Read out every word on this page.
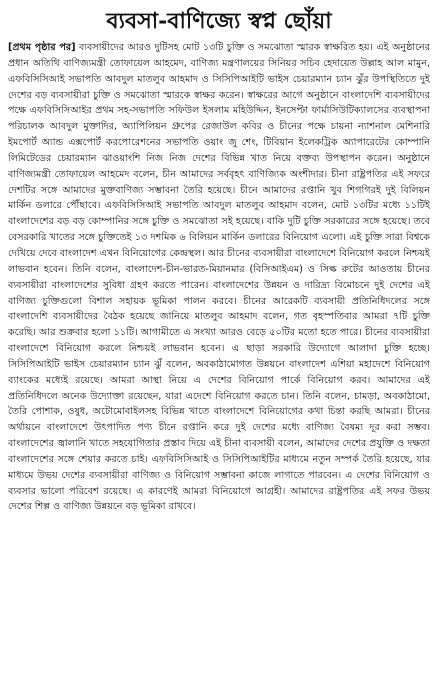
ব্যবসা-বাণিজ্যে স্বপ্ন ছোঁয়া

[প্রথম পৃষ্ঠার পর] ব্যবসায়ীদের আরও দুটিসহ মোট ১৩টি চুক্তি ও সমঝোতা স্মারক স্বাক্ষরিত হয়। এই অনুষ্ঠানের প্রধান অতিথি বাণিজ্যমন্ত্রী তোফায়েল আহমেদ, বাণিজ্য মন্ত্রণালয়ের সিনিয়র সচিব হেদায়েত উল্লাহ আল মামুন, এফবিসিসিআই সভাপতি আবদুল মাতলুব আহমাদ ও সিসিপিআইটি ভাইস চেয়ারম্যান চ্যান ঝুঁর উপস্থিতিতে দুই দেশের বড় ব্যবসায়ীরা চুক্তি ও সমঝোতা স্মারকে স্বাক্ষর করেন। স্বাক্ষরের আগে অনুষ্ঠানে বাংলাদেশি ব্যবসায়ীদের পক্ষে এফবিসিসিআইর প্রথম সহ-সভাপতি সফিউল ইসলাম মহিউদ্দিন, ইনসেপ্টা ফার্মাসিউটিক্যালসের ব্যবস্থাপনা পরিচালক আবদুল মুক্তাদির, অ্যাপিলিয়ন গ্রুপের রেজাউল কবির ও চীনের পক্ষে চায়না ন্যাশনাল মেশিনারি ইমপোর্ট অ্যান্ড এক্সপোর্ট করপোরেশনের সভাপতি ওয়াং জু শেং, টিবিয়ান ইলেকট্রিক অ্যাপারেটের কোম্পানি লিমিটেডের চেয়ারম্যান ঝাওয়াংশি নিজ নিজ দেশের বিভিন্ন খাত নিয়ে বক্তব্য উপস্থাপন করেন। অনুষ্ঠানে বাণিজ্যমন্ত্রী তোফায়েল আহমেদ বলেন, চীন আমাদের সর্ববৃহৎ বাণিজ্যিক অংশীদার। চীনা রাষ্ট্রপতির এই সফরে দেশটির সঙ্গে আমাদের মুক্তবাণিজ্য সম্ভাবনা তৈরি হয়েছে। চীনে আমাদের রপ্তানি খুব শিগগিরই দুই বিলিয়ন মার্কিন ডলারে পৌঁছাবে। এফবিসিসিআই সভাপতি আবদুল মাতলুব আহমাদ বলেন, মোট ১৩টির মধ্যে ১১টিই বাংলাদেশের বড় বড় কোম্পানির সঙ্গে চুক্তি ও সমঝোতা সই হয়েছে। বাকি দুটি চুক্তি সরকারের সঙ্গে হয়েছে। তবে বেসরকারি খাতের সঙ্গে চুক্তিতেই ১৩ দশমিক ৬ বিলিয়ন মার্কিন ডলারের বিনিয়োগ এলো। এই চুক্তি সারা বিশ্বকে দেখিয়ে দেবে বাংলাদেশ এখন বিনিয়োগের কেন্দ্রস্থল। আর চীনের ব্যবসায়ীরা বাংলাদেশে বিনিয়োগ করলে নিশ্চয়ই লাভবান হবেন। তিনি বলেন, বাংলাদেশ-চীন-ভারত-মিয়ানমার (বিসিআইএম) ও সিল্ক রুটের আওতায় চীনের ব্যবসায়ীরা বাংলাদেশের সুবিধা গ্রহণ করতে পারেন। বাংলাদেশের উন্নয়ন ও দারিদ্র্য বিমোচনে দুই দেশের এই বাণিজ্য চুক্তিগুলো বিশাল সহায়ক ভূমিকা পালন করবে। চীনের আরেকটি ব্যবসায়ী প্রতিনিধিদলের সঙ্গে বাংলাদেশি ব্যবসায়ীদের বৈঠক হয়েছে জানিয়ে মাতলুব আহমাদ বলেন, গত বৃহস্পতিবার আমরা ৭টি চুক্তি করেছি। আর শুক্রবার হলো ১১টি। আগামীতে এ সংখ্যা আরও বেড়ে ৫০টির মতো হতে পারে। চীনের ব্যবসায়ীরা বাংলাদেশে বিনিয়োগ করলে নিশ্চয়ই লাভবান হবেন। এ ছাড়া সরকারি উদ্যোগে আলাদা চুক্তি হচ্ছে। সিসিপিআইটি ভাইস চেয়ারম্যান চ্যান ঝুঁ বলেন, অবকাঠামোগত উন্নয়নে বাংলাদেশ এশিয়া মহাদেশে বিনিয়োগ ব্যাংকের মধ্যেই রয়েছে। আমরা আস্থা নিয়ে এ দেশের বিনিয়োগ পার্কে বিনিয়োগ করব। আমাদের এই প্রতিনিধিদলে অনেক উদ্যোক্তা রয়েছেন, যারা এদেশে বিনিয়োগ করতে চান। তিনি বলেন, চামড়া, অবকাঠামো, তৈরি পোশাক, ওষুধ, অটোমোবাইলসহ বিভিন্ন খাতে বাংলাদেশে বিনিয়োগের কথা চিন্তা করছি আমরা। চীনের অর্থায়নে বাংলাদেশে উৎপাদিত পণ্য চীনে রপ্তানি করে দুই দেশের মধ্যে বাণিজ্য বৈষম্য দূর করা সম্ভব। বাংলাদেশের জ্বালানি খাতে সহযোগিতার প্রস্তাব দিয়ে এই চীনা ব্যবসায়ী বলেন, আমাদের দেশের প্রযুক্তি ও দক্ষতা বাংলাদেশের সঙ্গে শেয়ার করতে চাই। এফবিসিসিআই ও সিসিপিআইটির মাধ্যমে নতুন সম্পর্ক তৈরি হয়েছে, যার মাধ্যমে উভয় দেশের ব্যবসায়ীরা বাণিজ্য ও বিনিয়োগ সম্ভাবনা কাজে লাগাতে পারবেন। এ দেশের বিনিয়োগ ও ব্যবসার ভালো পরিবেশ রয়েছে। এ কারণেই আমরা বিনিয়োগে আগ্রহী। আমাদের রাষ্ট্রপতির এই সফর উভয় দেশের শিল্প ও বাণিজ্য উন্নয়নে বড় ভূমিকা রাখবে।
